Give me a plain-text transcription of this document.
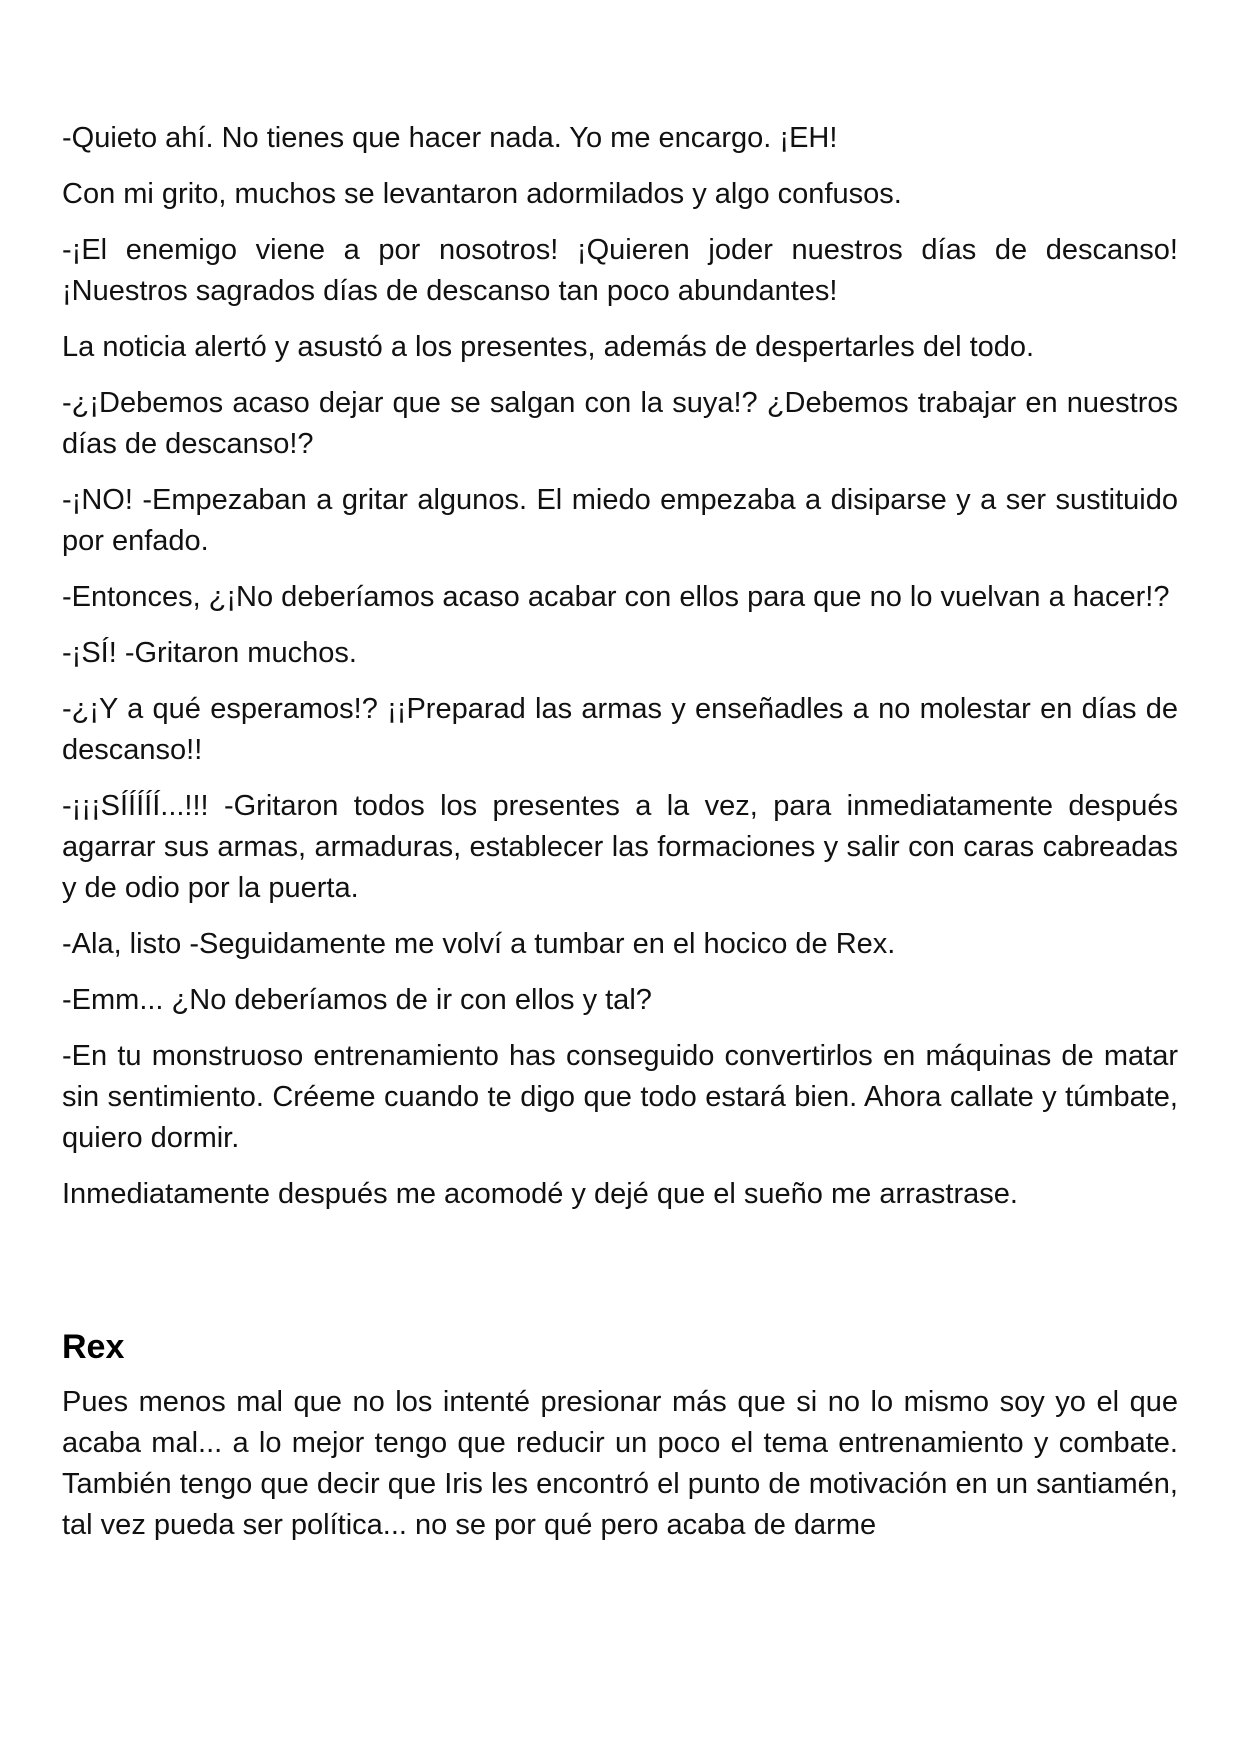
-Quieto ahí. No tienes que hacer nada. Yo me encargo. ¡EH!

Con mi grito, muchos se levantaron adormilados y algo confusos.

-¡El enemigo viene a por nosotros! ¡Quieren joder nuestros días de descanso! ¡Nuestros sagrados días de descanso tan poco abundantes!

La noticia alertó y asustó a los presentes, además de despertarles del todo.

-¿¡Debemos acaso dejar que se salgan con la suya!? ¿Debemos trabajar en nuestros días de descanso!?

-¡NO! -Empezaban a gritar algunos. El miedo empezaba a disiparse y a ser sustituido por enfado.

-Entonces, ¿¡No deberíamos acaso acabar con ellos para que no lo vuelvan a hacer!?

-¡SÍ! -Gritaron muchos.

-¿¡Y a qué esperamos!? ¡¡Preparad las armas y enseñadles a no molestar en días de descanso!!

-¡¡¡SÍÍÍÍÍ...!!! -Gritaron todos los presentes a la vez, para inmediatamente después agarrar sus armas, armaduras, establecer las formaciones y salir con caras cabreadas y de odio por la puerta.

-Ala, listo -Seguidamente me volví a tumbar en el hocico de Rex.

-Emm... ¿No deberíamos de ir con ellos y tal?

-En tu monstruoso entrenamiento has conseguido convertirlos en máquinas de matar sin sentimiento. Créeme cuando te digo que todo estará bien. Ahora callate y túmbate, quiero dormir.

Inmediatamente después me acomodé y dejé que el sueño me arrastrase.

Rex

Pues menos mal que no los intenté presionar más que si no lo mismo soy yo el que acaba mal... a lo mejor tengo que reducir un poco el tema entrenamiento y combate. También tengo que decir que Iris les encontró el punto de motivación en un santiamén, tal vez pueda ser política... no se por qué pero acaba de darme
